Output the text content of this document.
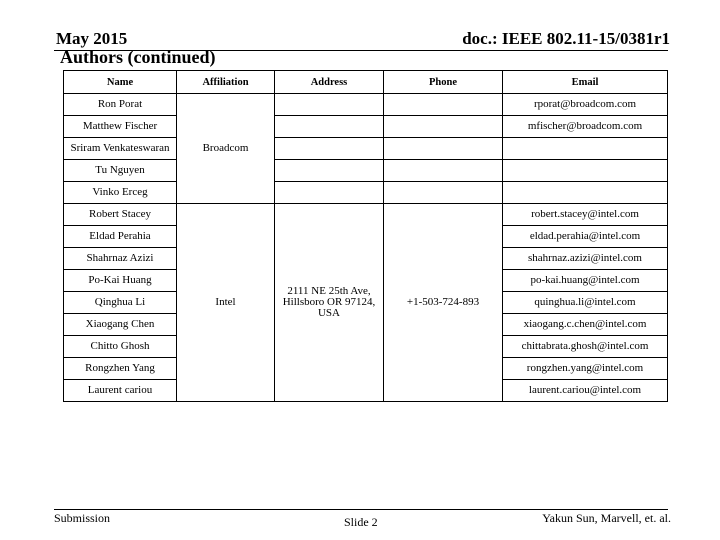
May 2015	doc.: IEEE 802.11-15/0381r1
Authors (continued)
Name	Affiliation	Address	Phone	Email
Ron Porat	Broadcom			rporat@broadcom.com
Matthew Fischer				mfischer@broadcom.com
Sriram Venkateswaran				
Tu Nguyen				
Vinko Erceg				
Robert Stacey	Intel	2111 NE 25th Ave, Hillsboro OR 97124, USA	+1-503-724-893	robert.stacey@intel.com
Eldad Perahia				eldad.perahia@intel.com
Shahrnaz Azizi				shahrnaz.azizi@intel.com
Po-Kai Huang				po-kai.huang@intel.com
Qinghua Li				quinghua.li@intel.com
Xiaogang Chen				xiaogang.c.chen@intel.com
Chitto Ghosh				chittabrata.ghosh@intel.com
Rongzhen Yang				rongzhen.yang@intel.com
Laurent cariou				laurent.cariou@intel.com
Submission	Slide 2	Yakun Sun, Marvell, et. al.
